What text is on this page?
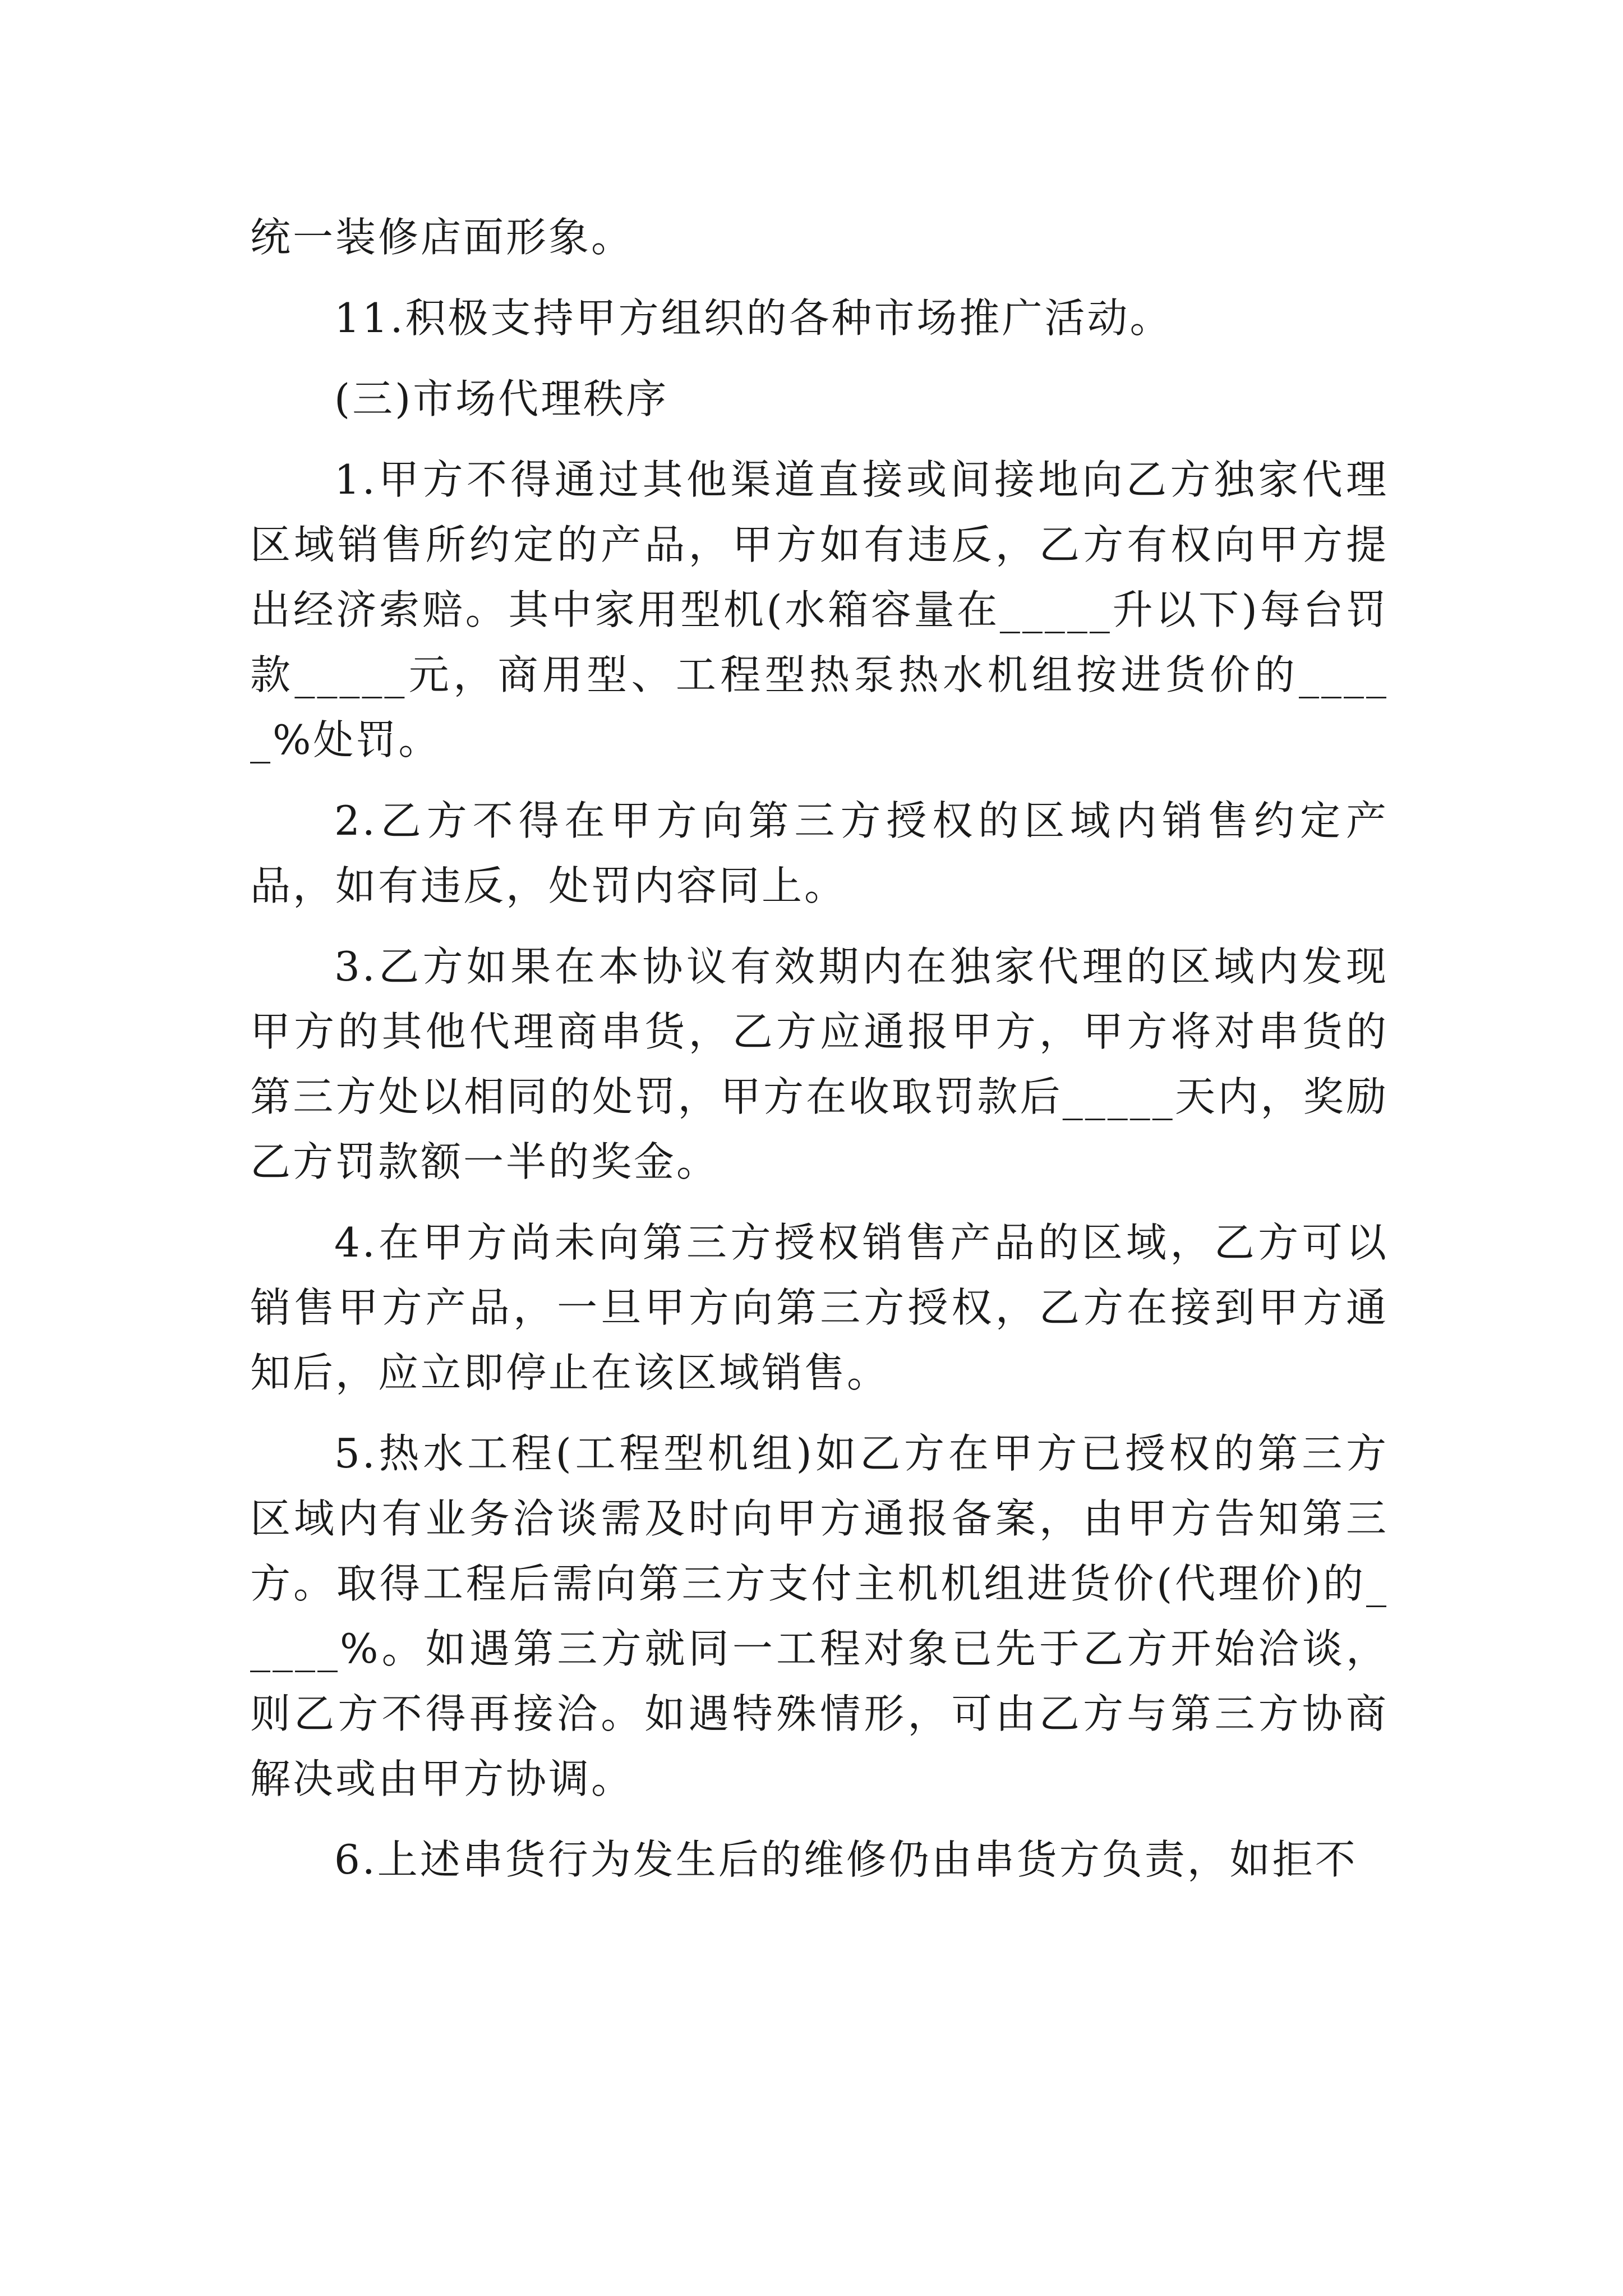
统一装修店面形象。

11.积极支持甲方组织的各种市场推广活动。

(三)市场代理秩序

1.甲方不得通过其他渠道直接或间接地向乙方独家代理区域销售所约定的产品，甲方如有违反，乙方有权向甲方提出经济索赔。其中家用型机(水箱容量在_____升以下)每台罚款_____元，商用型、工程型热泵热水机组按进货价的_____%处罚。

2.乙方不得在甲方向第三方授权的区域内销售约定产品，如有违反，处罚内容同上。

3.乙方如果在本协议有效期内在独家代理的区域内发现甲方的其他代理商串货，乙方应通报甲方，甲方将对串货的第三方处以相同的处罚，甲方在收取罚款后_____天内，奖励乙方罚款额一半的奖金。

4.在甲方尚未向第三方授权销售产品的区域，乙方可以销售甲方产品，一旦甲方向第三方授权，乙方在接到甲方通知后，应立即停止在该区域销售。

5.热水工程(工程型机组)如乙方在甲方已授权的第三方区域内有业务洽谈需及时向甲方通报备案，由甲方告知第三方。取得工程后需向第三方支付主机机组进货价(代理价)的_____%。如遇第三方就同一工程对象已先于乙方开始洽谈，则乙方不得再接洽。如遇特殊情形，可由乙方与第三方协商解决或由甲方协调。

6.上述串货行为发生后的维修仍由串货方负责，如拒不
